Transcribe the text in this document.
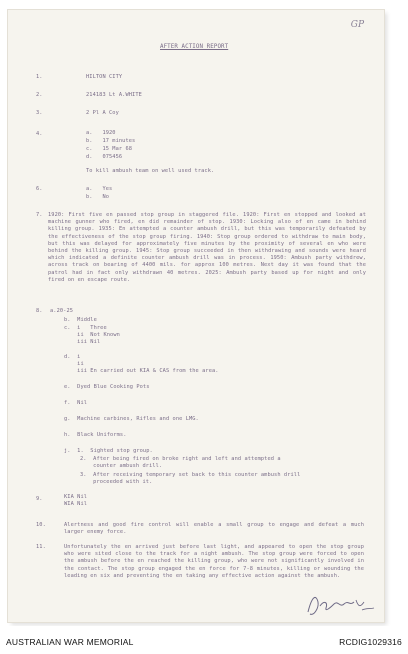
GP
AFTER ACTION REPORT
1.	HILTON CITY
2.	214183 Lt A.WHITE
3.	2 Pl A Coy
4.	a.   1920
b.   17 minutes
c.   15 Mar 68
d.   075456
To kill ambush team on well used track.
6.	a.   Yes
b.   No
7. 1920: First five en passed stop group in staggered file. 1920: First en stopped and looked at machine gunner who fired, en did remainder of stop. 1930: Locking also of en came in behind killing group. 1935: En attempted a counter ambush drill, but this was temporarily defeated by the effectiveness of the stop group firing. 1940: Stop group ordered to withdraw to main body, but this was delayed for approximately five minutes by the proximity of several en who were behind the killing group. 1945: Stop group succeeded in then withdrawing and sounds were heard which indicated a definite counter ambush drill was in process. 1950: Ambush party withdrew, across track on bearing of 4400 mils. for approx 100 metres. Next day it was found that the patrol had in fact only withdrawn 40 metres. 2025: Ambush party based up for night and only fired on en escape route.
8. a.20-25
b.  Middle
c.  i   Three
ii  Not Known
iii Nil
d.  i
ii
iii En carried out KIA & CAS from the area.
e.  Dyed Blue Cooking Pots
f.  Nil
g.  Machine carbines, Rifles and one LMG.
h.  Black Uniforms.
j.  1.  Sighted stop group.
2.  After being fired on broke right and left and attempted a
counter ambush drill.
3.  After receiving temporary set back to this counter ambush drill
proceeded with it.
9.	KIA Nil
WIA Nil
10.	Alertness and good fire control will enable a small group to engage and defeat a much larger enemy force.
11.	Unfortunately the en arrived just before last light, and appeared to open the stop group who were sited close to the track for a night ambush. The stop group were forced to open the ambush before the en reached the killing group, who were not significantly involved in the contact. The stop group engaged the en force for 7-8 minutes, killing or wounding the leading en six and preventing the en taking any effective action against the ambush.
AUSTRALIAN WAR MEMORIAL	RCDIG1029316
